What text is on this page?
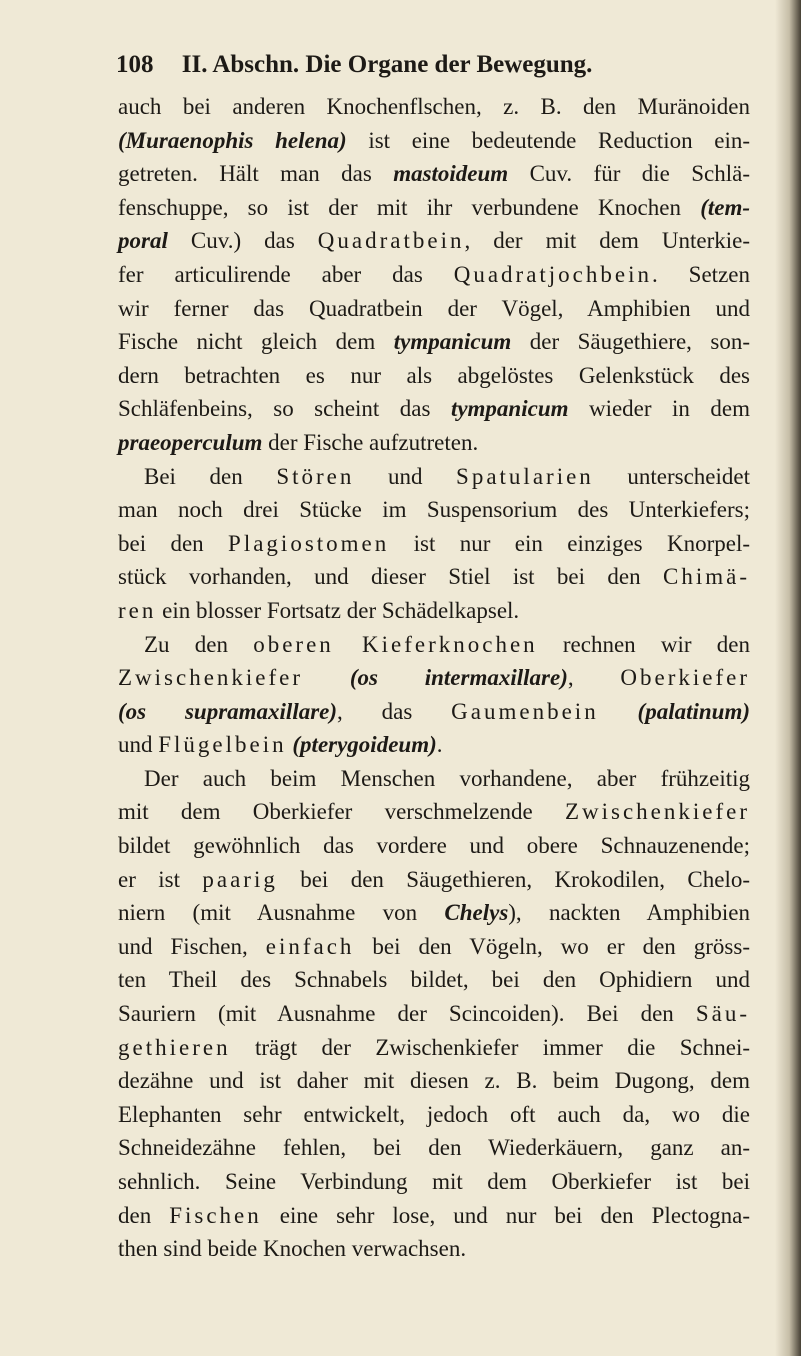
108 II. Abschn. Die Organe der Bewegung.
auch bei anderen Knochenflschen, z. B. den Muränoiden
(Muraenophis helena) ist eine bedeutende Reduction ein-
getreten. Hält man das mastoideum Cuv. für die Schlä-
fenschuppe, so ist der mit ihr verbundene Knochen (tem-
poral Cuv.) das Quadratbein, der mit dem Unterkie-
fer articulirende aber das Quadratjochbein. Setzen
wir ferner das Quadratbein der Vögel, Amphibien und
Fische nicht gleich dem tympanicum der Säugethiere, son-
dern betrachten es nur als abgelöstes Gelenkstück des
Schläfenbeins, so scheint das tympanicum wieder in dem
praeoperculum der Fische aufzutreten.
Bei den Stören und Spatularien unterscheidet
man noch drei Stücke im Suspensorium des Unterkiefers;
bei den Plagiostomen ist nur ein einziges Knorpel-
stück vorhanden, und dieser Stiel ist bei den Chimä-
ren ein blosser Fortsatz der Schädelkapsel.
Zu den oberen Kieferknochen rechnen wir den
Zwischenkiefer (os intermaxillare), Oberkiefer
(os supramaxillare), das Gaumenbein (palatinum)
und Flügelbein (pterygoideum).
Der auch beim Menschen vorhandene, aber frühzeitig
mit dem Oberkiefer verschmelzende Zwischenkiefer
bildet gewöhnlich das vordere und obere Schnauzenende;
er ist paarig bei den Säugethieren, Krokodilen, Chelo-
niern (mit Ausnahme von Chelys), nackten Amphibien
und Fischen, einfach bei den Vögeln, wo er den gröss-
ten Theil des Schnabels bildet, bei den Ophidiern und
Sauriern (mit Ausnahme der Scincoiden). Bei den Säu-
gethieren trägt der Zwischenkiefer immer die Schnei-
dezähne und ist daher mit diesen z. B. beim Dugong, dem
Elephanten sehr entwickelt, jedoch oft auch da, wo die
Schneidezähne fehlen, bei den Wiederkäuern, ganz an-
sehnlich. Seine Verbindung mit dem Oberkiefer ist bei
den Fischen eine sehr lose, und nur bei den Plectogna-
then sind beide Knochen verwachsen.
